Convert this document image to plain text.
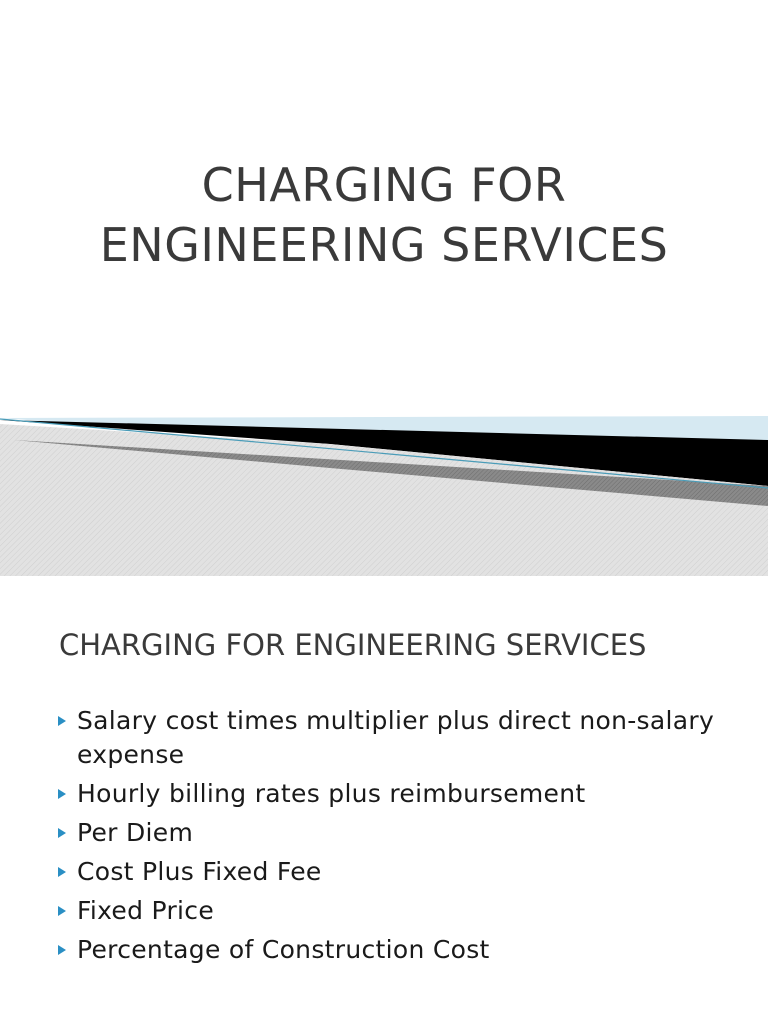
CHARGING FOR
ENGINEERING SERVICES
CHARGING FOR ENGINEERING SERVICES
Salary cost times multiplier plus direct non-salary expense
Hourly billing rates plus reimbursement
Per Diem
Cost Plus Fixed Fee
Fixed Price
Percentage of Construction Cost
